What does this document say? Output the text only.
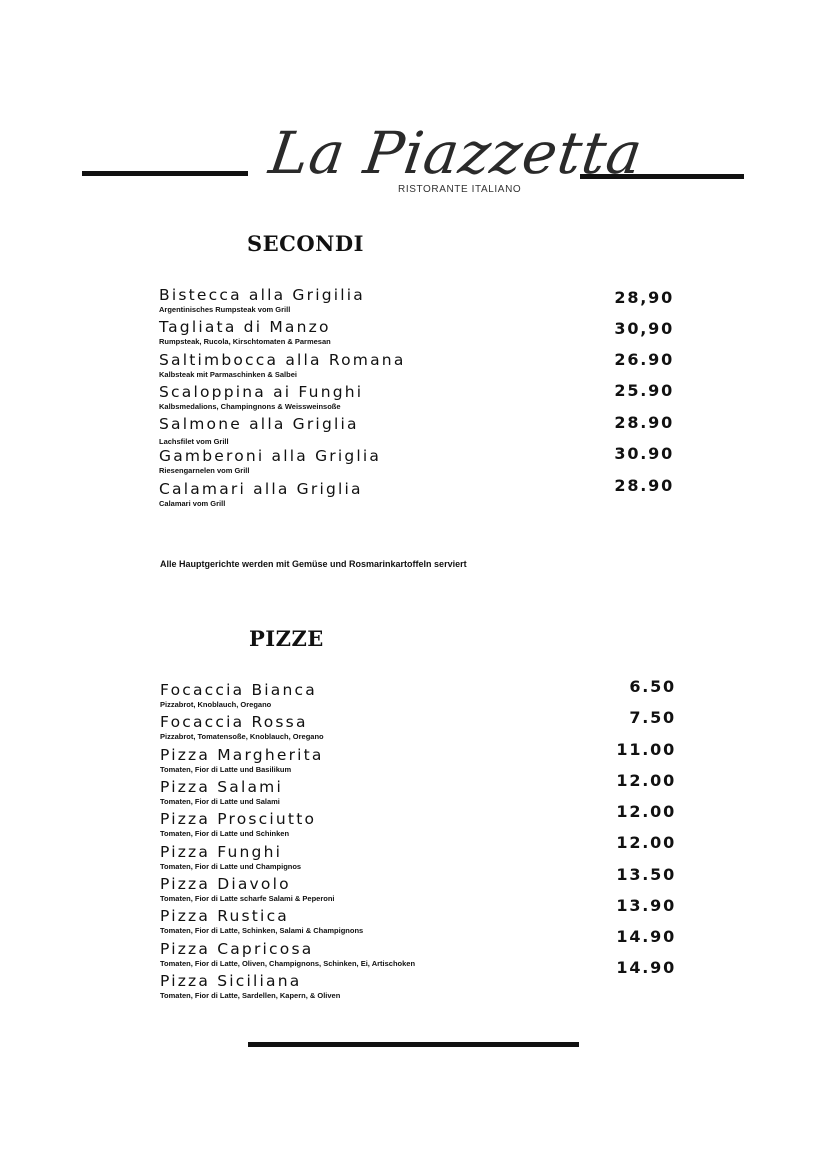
La Piazzetta
RISTORANTE ITALIANO
SECONDI
Bistecca alla Grigilia
Argentinisches Rumpsteak vom Grill
28,90
Tagliata di Manzo
Rumpsteak, Rucola, Kirschtomaten & Parmesan
30,90
Saltimbocca alla Romana
Kalbsteak mit Parmaschinken & Salbei
26.90
Scaloppina ai Funghi
Kalbsmedalions, Champingnons & Weissweinsoße
25.90
Salmone alla Griglia
Lachsfilet vom Grill
28.90
Gamberoni alla Griglia
Riesengarnelen vom Grill
30.90
Calamari alla Griglia
Calamari vom Grill
28.90
Alle Hauptgerichte werden mit Gemüse und Rosmarinkartoffeln serviert
PIZZE
Focaccia Bianca
Pizzabrot, Knoblauch, Oregano
6.50
Focaccia Rossa
Pizzabrot, Tomatensoße, Knoblauch, Oregano
7.50
Pizza Margherita
Tomaten, Fior di Latte und Basilikum
11.00
Pizza Salami
Tomaten, Fior di Latte und Salami
12.00
Pizza Prosciutto
Tomaten, Fior di Latte und Schinken
12.00
Pizza Funghi
Tomaten, Fior di Latte und Champignos
12.00
Pizza Diavolo
Tomaten, Fior di Latte scharfe Salami & Peperoni
13.50
Pizza Rustica
Tomaten, Fior di Latte, Schinken, Salami & Champignons
13.90
Pizza Capricosa
Tomaten, Fior di Latte, Oliven, Champignons, Schinken, Ei, Artischoken
14.90
Pizza Siciliana
Tomaten, Fior di Latte, Sardellen, Kapern, & Oliven
14.90
